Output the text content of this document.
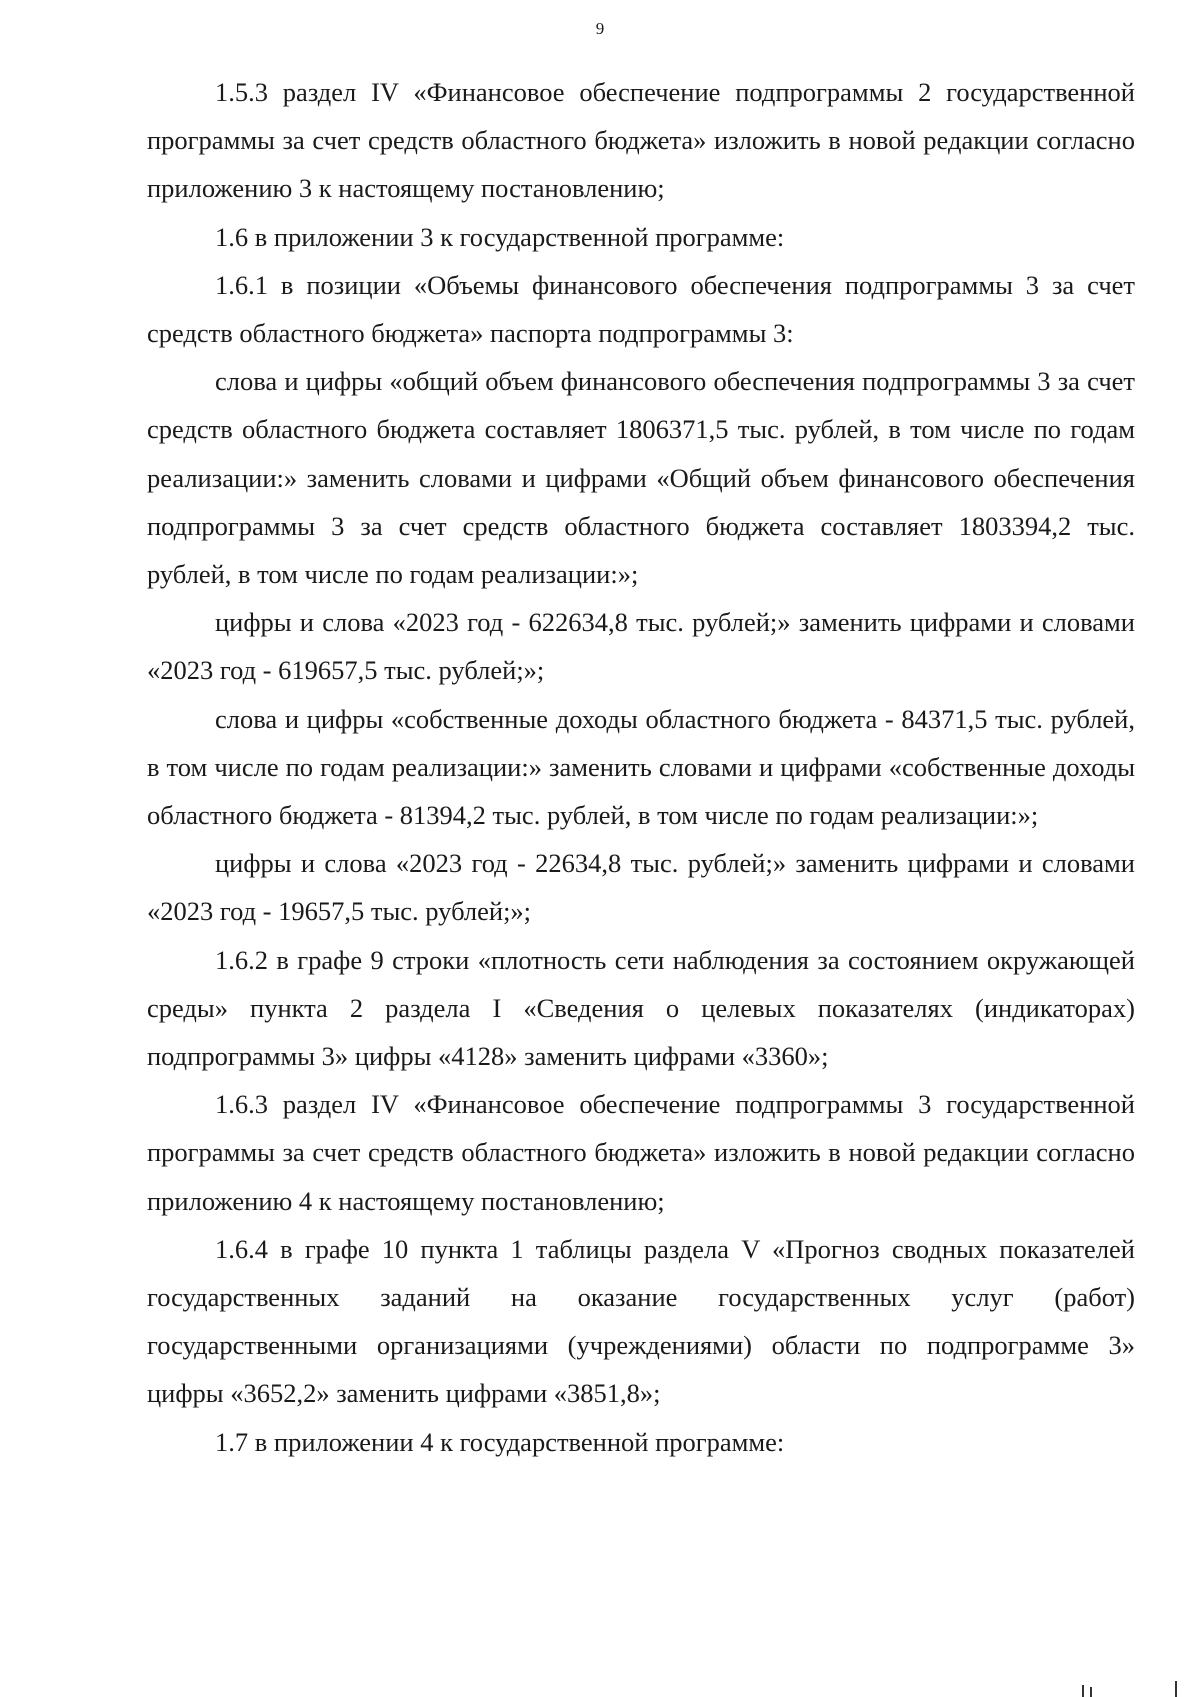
9

1.5.3 раздел IV «Финансовое обеспечение подпрограммы 2 государственной программы за счет средств областного бюджета» изложить в новой редакции согласно приложению 3 к настоящему постановлению;

1.6 в приложении 3 к государственной программе:

1.6.1 в позиции «Объемы финансового обеспечения подпрограммы 3 за счет средств областного бюджета» паспорта подпрограммы 3:

слова и цифры «общий объем финансового обеспечения подпрограммы 3 за счет средств областного бюджета составляет 1806371,5 тыс. рублей, в том числе по годам реализации:» заменить словами и цифрами «Общий объем финансового обеспечения подпрограммы 3 за счет средств областного бюджета составляет 1803394,2 тыс. рублей, в том числе по годам реализации:»;

цифры и слова «2023 год - 622634,8 тыс. рублей;» заменить цифрами и словами «2023 год - 619657,5 тыс. рублей;»;

слова и цифры «собственные доходы областного бюджета - 84371,5 тыс. рублей, в том числе по годам реализации:» заменить словами и цифрами «собственные доходы областного бюджета - 81394,2 тыс. рублей, в том числе по годам реализации:»;

цифры и слова «2023 год - 22634,8 тыс. рублей;» заменить цифрами и словами «2023 год - 19657,5 тыс. рублей;»;

1.6.2 в графе 9 строки «плотность сети наблюдения за состоянием окружающей среды» пункта 2 раздела I «Сведения о целевых показателях (индикаторах) подпрограммы 3» цифры «4128» заменить цифрами «3360»;

1.6.3 раздел IV «Финансовое обеспечение подпрограммы 3 государственной программы за счет средств областного бюджета» изложить в новой редакции согласно приложению 4 к настоящему постановлению;

1.6.4 в графе 10 пункта 1 таблицы раздела V «Прогноз сводных показателей государственных заданий на оказание государственных услуг (работ) государственными организациями (учреждениями) области по подпрограмме 3» цифры «3652,2» заменить цифрами «3851,8»;

1.7 в приложении 4 к государственной программе:
